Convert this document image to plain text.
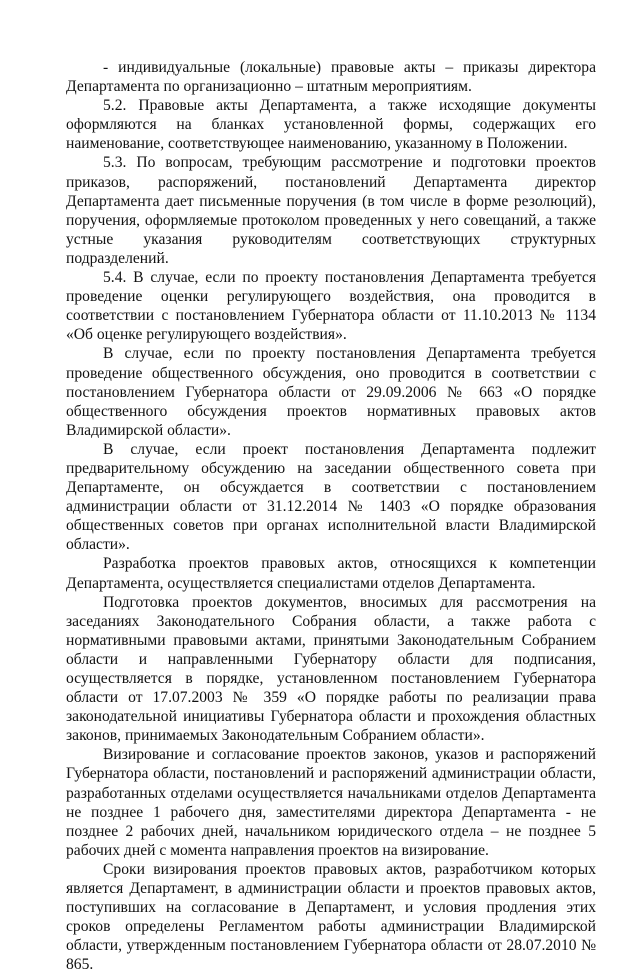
- индивидуальные (локальные) правовые акты – приказы директора Департамента по организационно – штатным мероприятиям.

5.2. Правовые акты Департамента, а также исходящие документы оформляются на бланках установленной формы, содержащих его наименование, соответствующее наименованию, указанному в Положении.

5.3. По вопросам, требующим рассмотрение и подготовки проектов приказов, распоряжений, постановлений Департамента директор Департамента дает письменные поручения (в том числе в форме резолюций), поручения, оформляемые протоколом проведенных у него совещаний, а также устные указания руководителям соответствующих структурных подразделений.

5.4. В случае, если по проекту постановления Департамента требуется проведение оценки регулирующего воздействия, она проводится в соответствии с постановлением Губернатора области от 11.10.2013 № 1134 «Об оценке регулирующего воздействия».

В случае, если по проекту постановления Департамента требуется проведение общественного обсуждения, оно проводится в соответствии с постановлением Губернатора области от 29.09.2006 № 663 «О порядке общественного обсуждения проектов нормативных правовых актов Владимирской области».

В случае, если проект постановления Департамента подлежит предварительному обсуждению на заседании общественного совета при Департаменте, он обсуждается в соответствии с постановлением администрации области от 31.12.2014 № 1403 «О порядке образования общественных советов при органах исполнительной власти Владимирской области».

Разработка проектов правовых актов, относящихся к компетенции Департамента, осуществляется специалистами отделов Департамента.

Подготовка проектов документов, вносимых для рассмотрения на заседаниях Законодательного Собрания области, а также работа с нормативными правовыми актами, принятыми Законодательным Собранием области и направленными Губернатору области для подписания, осуществляется в порядке, установленном постановлением Губернатора области от 17.07.2003 № 359 «О порядке работы по реализации права законодательной инициативы Губернатора области и прохождения областных законов, принимаемых Законодательным Собранием области».

Визирование и согласование проектов законов, указов и распоряжений Губернатора области, постановлений и распоряжений администрации области, разработанных отделами осуществляется начальниками отделов Департамента не позднее 1 рабочего дня, заместителями директора Департамента - не позднее 2 рабочих дней, начальником юридического отдела – не позднее 5 рабочих дней с момента направления проектов на визирование.

Сроки визирования проектов правовых актов, разработчиком которых является Департамент, в администрации области и проектов правовых актов, поступивших на согласование в Департамент, и условия продления этих сроков определены Регламентом работы администрации Владимирской области, утвержденным постановлением Губернатора области от 28.07.2010 № 865.
